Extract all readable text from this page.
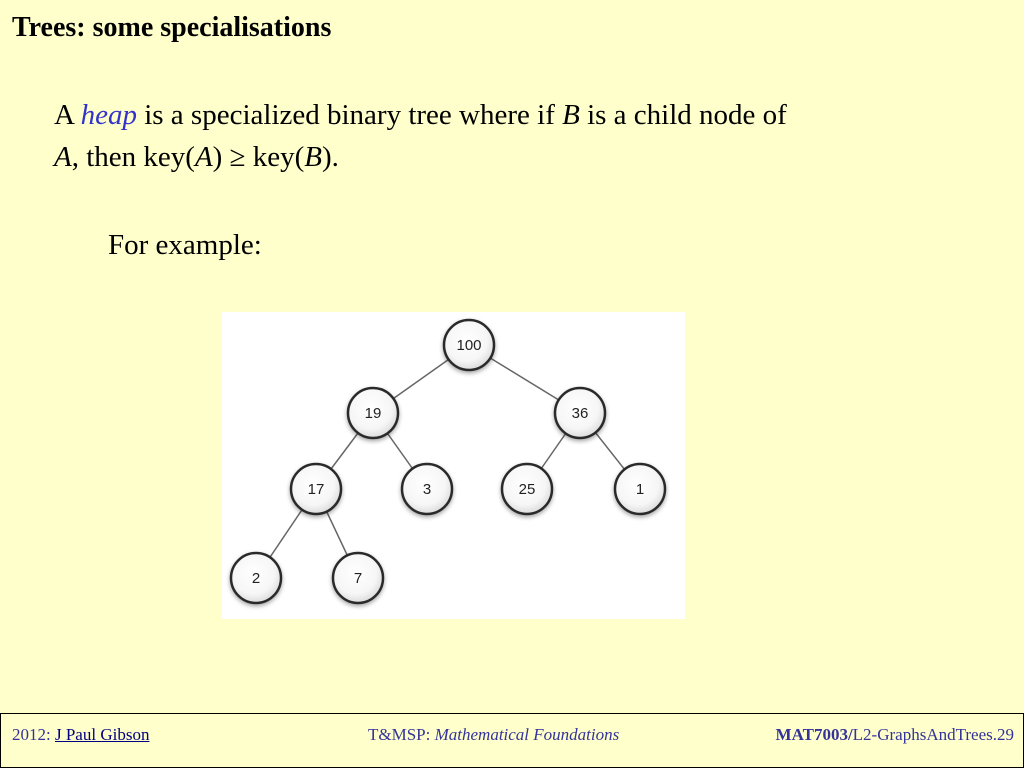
Trees: some specialisations

A heap is a specialized binary tree where if B is a child node of
A, then key(A) ≥ key(B).

For example:

100
19	36
17	3	25	1
2	7
2012: J Paul Gibson	T&MSP: Mathematical Foundations	MAT7003/L2-GraphsAndTrees.29
